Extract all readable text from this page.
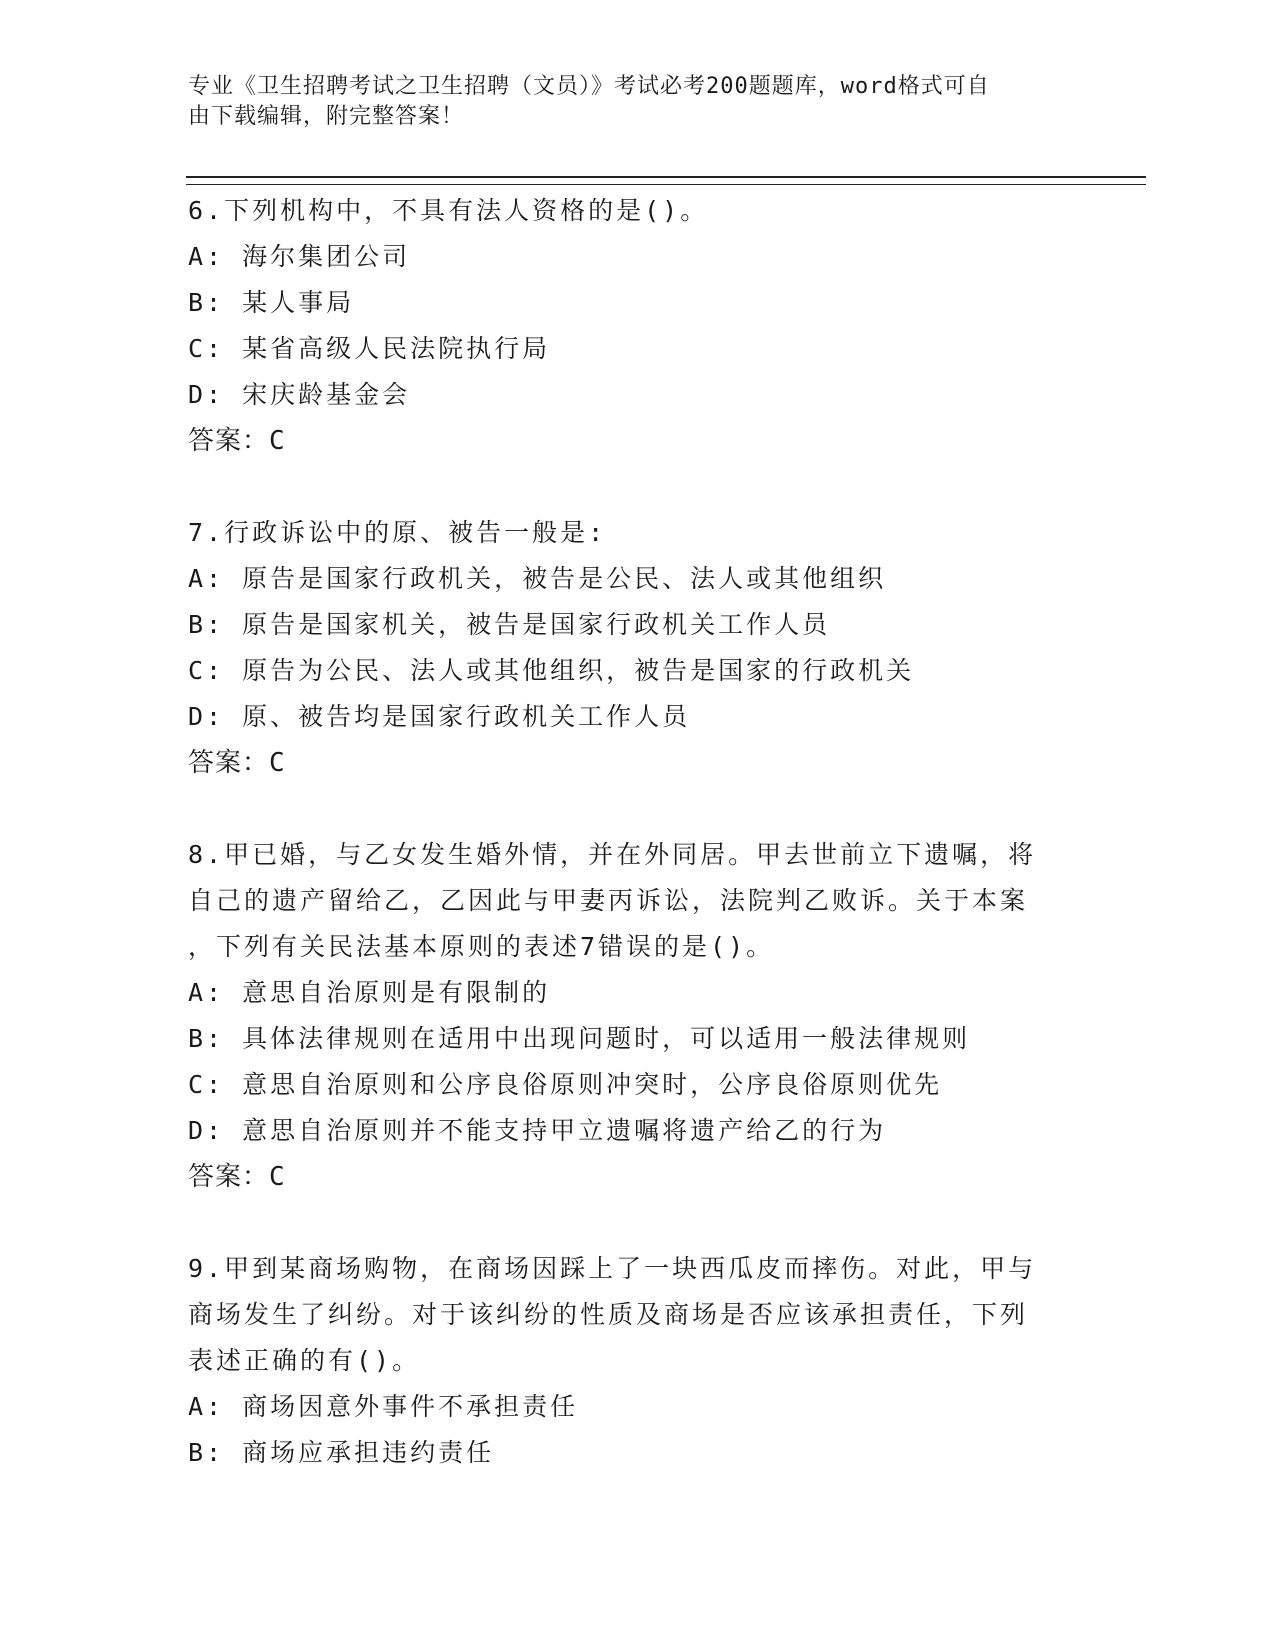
专业《卫生招聘考试之卫生招聘（文员）》考试必考200题题库，word格式可自
由下载编辑，附完整答案！
6.下列机构中，不具有法人资格的是()。
A: 海尔集团公司
B: 某人事局
C: 某省高级人民法院执行局
D: 宋庆龄基金会
答案：C
7.行政诉讼中的原、被告一般是:
A: 原告是国家行政机关，被告是公民、法人或其他组织
B: 原告是国家机关，被告是国家行政机关工作人员
C: 原告为公民、法人或其他组织，被告是国家的行政机关
D: 原、被告均是国家行政机关工作人员
答案：C
8.甲已婚，与乙女发生婚外情，并在外同居。甲去世前立下遗嘱，将
自己的遗产留给乙，乙因此与甲妻丙诉讼，法院判乙败诉。关于本案
，下列有关民法基本原则的表述7错误的是()。
A: 意思自治原则是有限制的
B: 具体法律规则在适用中出现问题时，可以适用一般法律规则
C: 意思自治原则和公序良俗原则冲突时，公序良俗原则优先
D: 意思自治原则并不能支持甲立遗嘱将遗产给乙的行为
答案：C
9.甲到某商场购物，在商场因踩上了一块西瓜皮而摔伤。对此，甲与
商场发生了纠纷。对于该纠纷的性质及商场是否应该承担责任，下列
表述正确的有()。
A: 商场因意外事件不承担责任
B: 商场应承担违约责任
